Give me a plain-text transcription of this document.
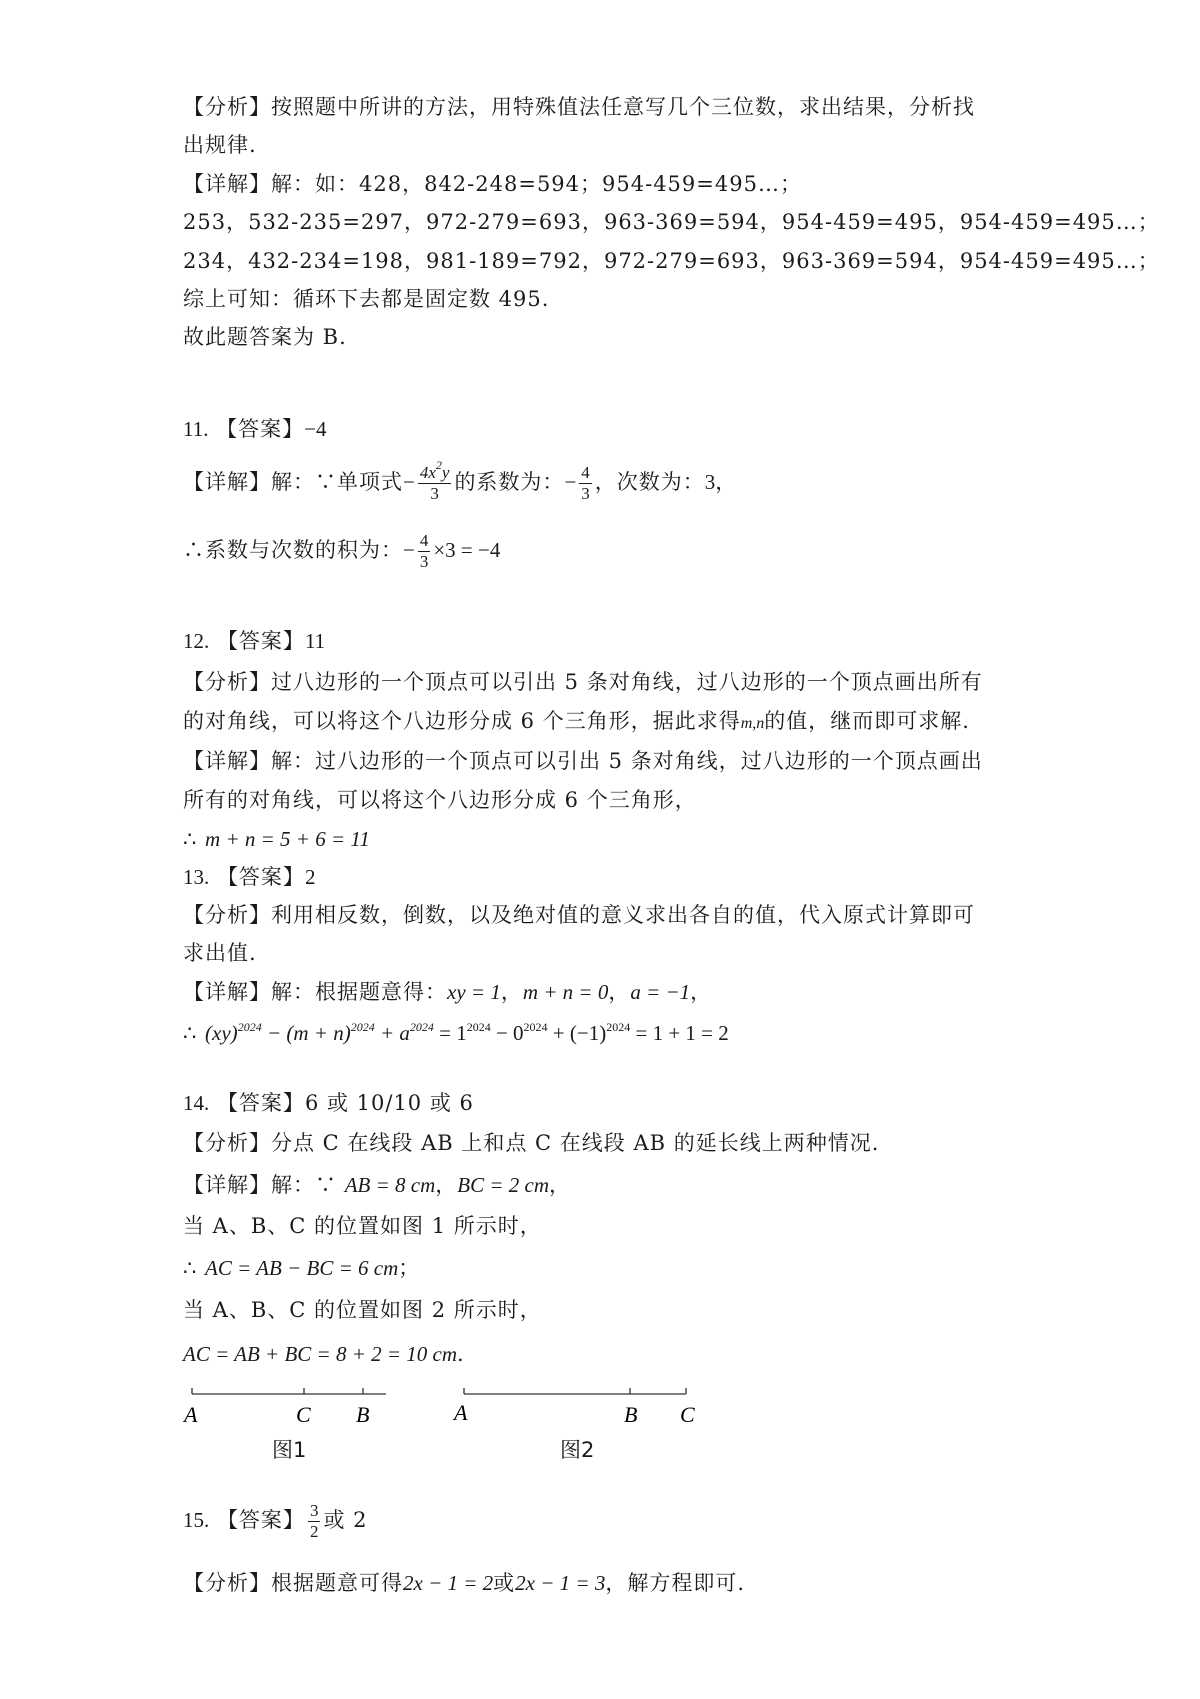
【分析】按照题中所讲的方法，用特殊值法任意写几个三位数，求出结果，分析找
出规律.
【详解】解：如：428，842-248=594；954-459=495…；
253，532-235=297，972-279=693，963-369=594，954-459=495，954-459=495…；
234，432-234=198，981-189=792，972-279=693，963-369=594，954-459=495…；
综上可知：循环下去都是固定数 495.
故此题答案为 B.
11. 【答案】−4
【详解】解：∵单项式− $\frac{4x^2y}{3}$ 的系数为：− $\frac{4}{3}$ ，次数为：3，
∴系数与次数的积为：− $\frac{4}{3} \times 3 = -4$
12. 【答案】11
【分析】过八边形的一个顶点可以引出 5 条对角线，过八边形的一个顶点画出所有
的对角线，可以将这个八边形分成 6 个三角形，据此求得m,n的值，继而即可求解.
【详解】解：过八边形的一个顶点可以引出 5 条对角线，过八边形的一个顶点画出
所有的对角线，可以将这个八边形分成 6 个三角形，
∴ m + n = 5 + 6 = 11
13. 【答案】2
【分析】利用相反数，倒数，以及绝对值的意义求出各自的值，代入原式计算即可
求出值.
【详解】解：根据题意得：xy = 1，m + n = 0，a = −1，
∴ $(xy)^{2024} - (m + n)^{2024} + a^{2024} = 1^{2024} - 0^{2024} + (-1)^{2024} = 1 + 1 = 2$
14. 【答案】6 或 10/10 或 6
【分析】分点 C 在线段 AB 上和点 C 在线段 AB 的延长线上两种情况.
【详解】解：∵ AB = 8 cm，BC = 2 cm，
当 A、B、C 的位置如图 1 所示时，
∴ AC = AB − BC = 6 cm；
当 A、B、C 的位置如图 2 所示时，
AC = AB + BC = 8 + 2 = 10 cm.
A	C B
图1
A	B C
图2
15. 【答案】 $\frac{3}{2}$ 或 2
【分析】根据题意可得2x − 1 = 2或2x − 1 = 3，解方程即可.
